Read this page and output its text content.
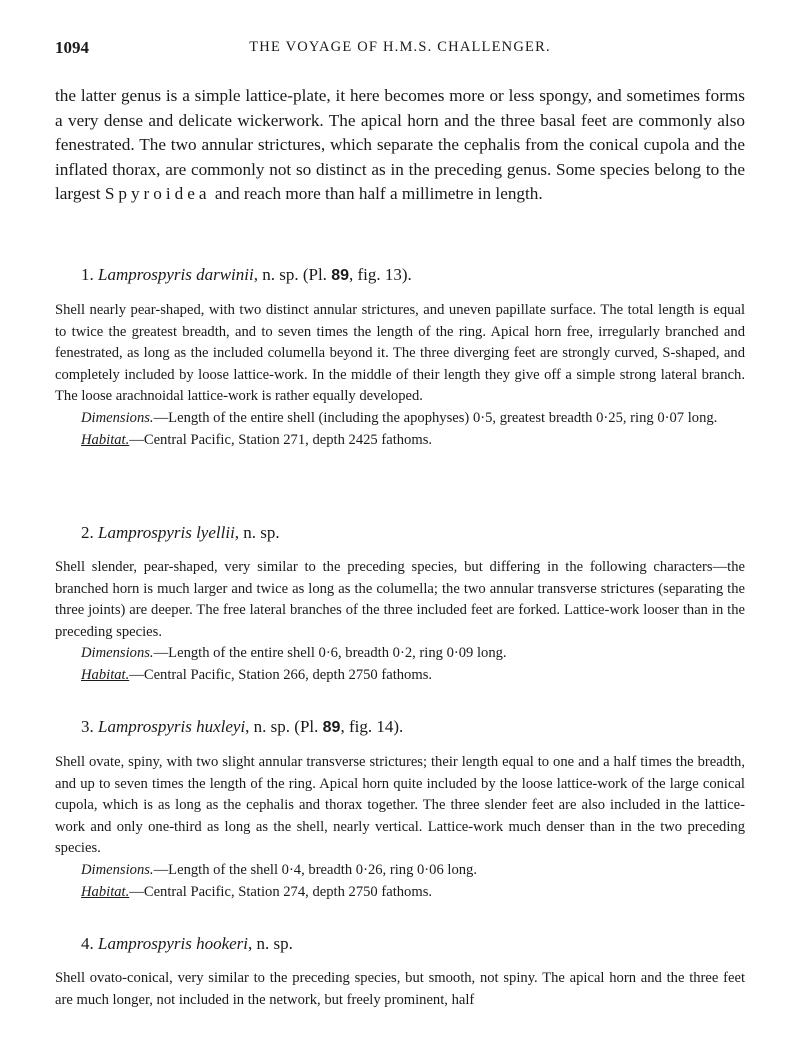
1094	THE VOYAGE OF H.M.S. CHALLENGER.

the latter genus is a simple lattice-plate, it here becomes more or less spongy, and sometimes forms a very dense and delicate wickerwork. The apical horn and the three basal feet are commonly also fenestrated. The two annular strictures, which separate the cephalis from the conical cupola and the inflated thorax, are commonly not so distinct as in the preceding genus. Some species belong to the largest Spyroidea and reach more than half a millimetre in length.

1. Lamprospyris darwinii, n. sp. (Pl. 89, fig. 13).

Shell nearly pear-shaped, with two distinct annular strictures, and uneven papillate surface. The total length is equal to twice the greatest breadth, and to seven times the length of the ring. Apical horn free, irregularly branched and fenestrated, as long as the included columella beyond it. The three diverging feet are strongly curved, S-shaped, and completely included by loose lattice-work. In the middle of their length they give off a simple strong lateral branch. The loose arachnoidal lattice-work is rather equally developed.

Dimensions.—Length of the entire shell (including the apophyses) 0·5, greatest breadth 0·25, ring 0·07 long.

Habitat.—Central Pacific, Station 271, depth 2425 fathoms.

2. Lamprospyris lyellii, n. sp.

Shell slender, pear-shaped, very similar to the preceding species, but differing in the following characters—the branched horn is much larger and twice as long as the columella; the two annular transverse strictures (separating the three joints) are deeper. The free lateral branches of the three included feet are forked. Lattice-work looser than in the preceding species.

Dimensions.—Length of the entire shell 0·6, breadth 0·2, ring 0·09 long.

Habitat.—Central Pacific, Station 266, depth 2750 fathoms.

3. Lamprospyris huxleyi, n. sp. (Pl. 89, fig. 14).

Shell ovate, spiny, with two slight annular transverse strictures; their length equal to one and a half times the breadth, and up to seven times the length of the ring. Apical horn quite included by the loose lattice-work of the large conical cupola, which is as long as the cephalis and thorax together. The three slender feet are also included in the lattice-work and only one-third as long as the shell, nearly vertical. Lattice-work much denser than in the two preceding species.

Dimensions.—Length of the shell 0·4, breadth 0·26, ring 0·06 long.

Habitat.—Central Pacific, Station 274, depth 2750 fathoms.

4. Lamprospyris hookeri, n. sp.

Shell ovato-conical, very similar to the preceding species, but smooth, not spiny. The apical horn and the three feet are much longer, not included in the network, but freely prominent, half
